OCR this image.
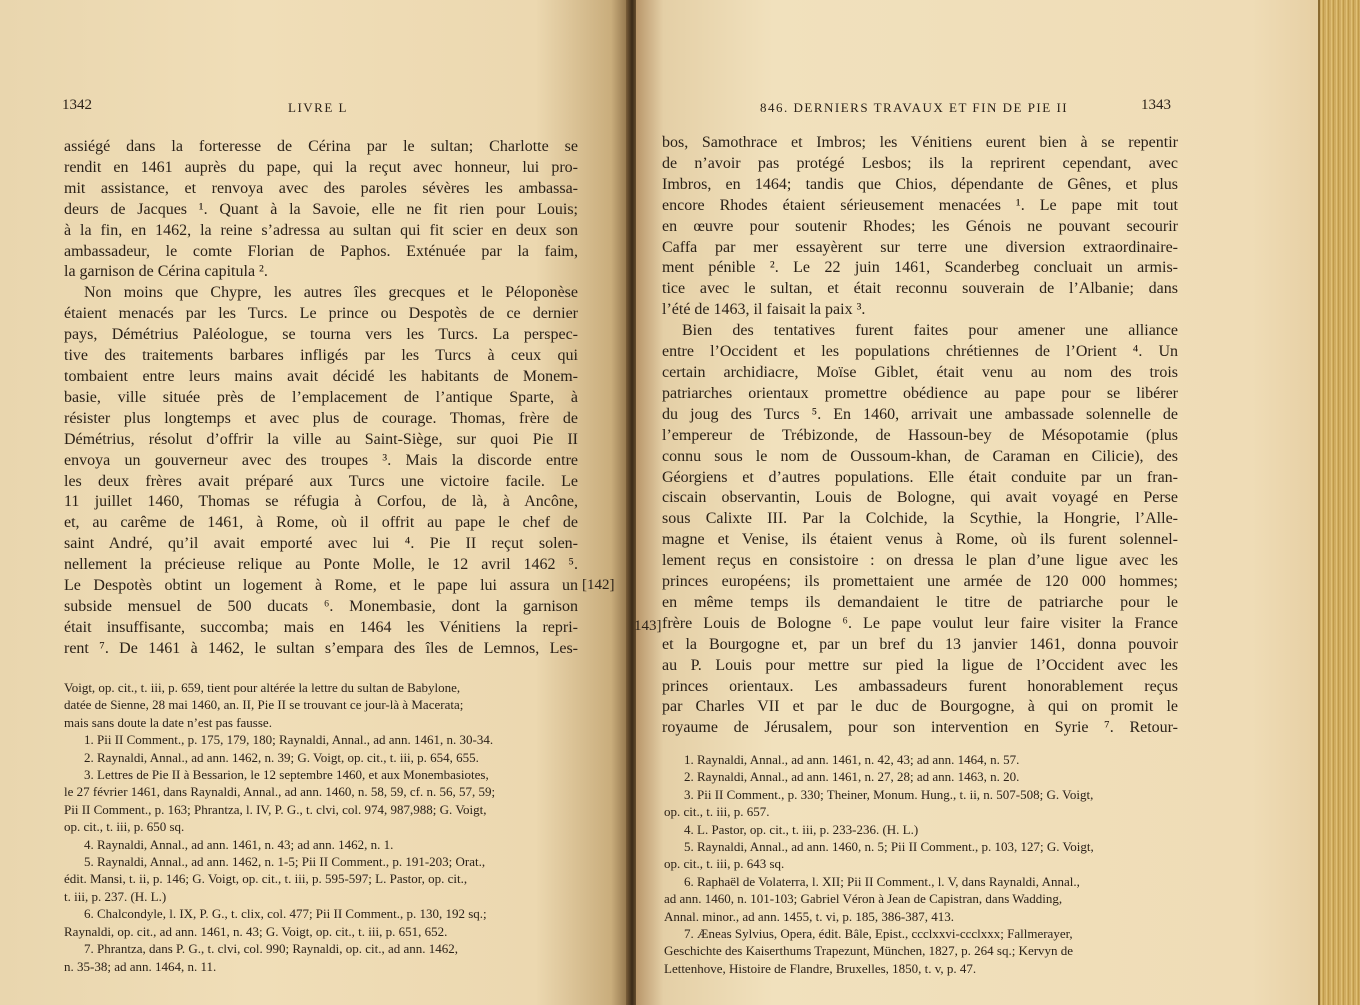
1342	LIVRE L

assiégé dans la forteresse de Cérina par le sultan; Charlotte se

rendit en 1461 auprès du pape, qui la reçut avec honneur, lui pro-

mit assistance, et renvoya avec des paroles sévères les ambassa-

deurs de Jacques ¹. Quant à la Savoie, elle ne fit rien pour Louis;

à la fin, en 1462, la reine s’adressa au sultan qui fit scier en deux son

ambassadeur, le comte Florian de Paphos. Exténuée par la faim,

la garnison de Cérina capitula ².

Non moins que Chypre, les autres îles grecques et le Péloponèse

étaient menacés par les Turcs. Le prince ou Despotès de ce dernier

pays, Démétrius Paléologue, se tourna vers les Turcs. La perspec-

tive des traitements barbares infligés par les Turcs à ceux qui

tombaient entre leurs mains avait décidé les habitants de Monem-

basie, ville située près de l’emplacement de l’antique Sparte, à

résister plus longtemps et avec plus de courage. Thomas, frère de

Démétrius, résolut d’offrir la ville au Saint-Siège, sur quoi Pie II

envoya un gouverneur avec des troupes ³. Mais la discorde entre

les deux frères avait préparé aux Turcs une victoire facile. Le

11 juillet 1460, Thomas se réfugia à Corfou, de là, à Ancône,

et, au carême de 1461, à Rome, où il offrit au pape le chef de

saint André, qu’il avait emporté avec lui ⁴. Pie II reçut solen-

nellement la précieuse relique au Ponte Molle, le 12 avril 1462 ⁵.

Le Despotès obtint un logement à Rome, et le pape lui assura un

subside mensuel de 500 ducats ⁶. Monembasie, dont la garnison

était insuffisante, succomba; mais en 1464 les Vénitiens la repri-

rent ⁷. De 1461 à 1462, le sultan s’empara des îles de Lemnos, Les-

Voigt, op. cit., t. iii, p. 659, tient pour altérée la lettre du sultan de Babylone,

datée de Sienne, 28 mai 1460, an. II, Pie II se trouvant ce jour-là à Macerata;

mais sans doute la date n’est pas fausse.

1. Pii II Comment., p. 175, 179, 180; Raynaldi, Annal., ad ann. 1461, n. 30-34.

2. Raynaldi, Annal., ad ann. 1462, n. 39; G. Voigt, op. cit., t. iii, p. 654, 655.

3. Lettres de Pie II à Bessarion, le 12 septembre 1460, et aux Monembasiotes,

le 27 février 1461, dans Raynaldi, Annal., ad ann. 1460, n. 58, 59, cf. n. 56, 57, 59;

Pii II Comment., p. 163; Phrantza, l. IV, P. G., t. clvi, col. 974, 987,988; G. Voigt,

op. cit., t. iii, p. 650 sq.

4. Raynaldi, Annal., ad ann. 1461, n. 43; ad ann. 1462, n. 1.

5. Raynaldi, Annal., ad ann. 1462, n. 1-5; Pii II Comment., p. 191-203; Orat.,

édit. Mansi, t. ii, p. 146; G. Voigt, op. cit., t. iii, p. 595-597; L. Pastor, op. cit.,

t. iii, p. 237. (H. L.)

6. Chalcondyle, l. IX, P. G., t. clix, col. 477; Pii II Comment., p. 130, 192 sq.;

Raynaldi, op. cit., ad ann. 1461, n. 43; G. Voigt, op. cit., t. iii, p. 651, 652.

7. Phrantza, dans P. G., t. clvi, col. 990; Raynaldi, op. cit., ad ann. 1462,

n. 35-38; ad ann. 1464, n. 11.

[142]
846. DERNIERS TRAVAUX ET FIN DE PIE II	1343

bos, Samothrace et Imbros; les Vénitiens eurent bien à se repentir

de n’avoir pas protégé Lesbos; ils la reprirent cependant, avec

Imbros, en 1464; tandis que Chios, dépendante de Gênes, et plus

encore Rhodes étaient sérieusement menacées ¹. Le pape mit tout

en œuvre pour soutenir Rhodes; les Génois ne pouvant secourir

Caffa par mer essayèrent sur terre une diversion extraordinaire-

ment pénible ². Le 22 juin 1461, Scanderbeg concluait un armis-

tice avec le sultan, et était reconnu souverain de l’Albanie; dans

l’été de 1463, il faisait la paix ³.

Bien des tentatives furent faites pour amener une alliance

entre l’Occident et les populations chrétiennes de l’Orient ⁴. Un

certain archidiacre, Moïse Giblet, était venu au nom des trois

patriarches orientaux promettre obédience au pape pour se libérer

du joug des Turcs ⁵. En 1460, arrivait une ambassade solennelle de

l’empereur de Trébizonde, de Hassoun-bey de Mésopotamie (plus

connu sous le nom de Oussoum-khan, de Caraman en Cilicie), des

Géorgiens et d’autres populations. Elle était conduite par un fran-

ciscain observantin, Louis de Bologne, qui avait voyagé en Perse

sous Calixte III. Par la Colchide, la Scythie, la Hongrie, l’Alle-

magne et Venise, ils étaient venus à Rome, où ils furent solennel-

lement reçus en consistoire : on dressa le plan d’une ligue avec les

princes européens; ils promettaient une armée de 120 000 hommes;

en même temps ils demandaient le titre de patriarche pour le

frère Louis de Bologne ⁶. Le pape voulut leur faire visiter la France

et la Bourgogne et, par un bref du 13 janvier 1461, donna pouvoir

au P. Louis pour mettre sur pied la ligue de l’Occident avec les

princes orientaux. Les ambassadeurs furent honorablement reçus

par Charles VII et par le duc de Bourgogne, à qui on promit le

royaume de Jérusalem, pour son intervention en Syrie ⁷. Retour-

1. Raynaldi, Annal., ad ann. 1461, n. 42, 43; ad ann. 1464, n. 57.

2. Raynaldi, Annal., ad ann. 1461, n. 27, 28; ad ann. 1463, n. 20.

3. Pii II Comment., p. 330; Theiner, Monum. Hung., t. ii, n. 507-508; G. Voigt,

op. cit., t. iii, p. 657.

4. L. Pastor, op. cit., t. iii, p. 233-236. (H. L.)

5. Raynaldi, Annal., ad ann. 1460, n. 5; Pii II Comment., p. 103, 127; G. Voigt,

op. cit., t. iii, p. 643 sq.

6. Raphaël de Volaterra, l. XII; Pii II Comment., l. V, dans Raynaldi, Annal.,

ad ann. 1460, n. 101-103; Gabriel Véron à Jean de Capistran, dans Wadding,

Annal. minor., ad ann. 1455, t. vi, p. 185, 386-387, 413.

7. Æneas Sylvius, Opera, édit. Bâle, Epist., ccclxxvi-ccclxxx; Fallmerayer,

Geschichte des Kaiserthums Trapezunt, München, 1827, p. 264 sq.; Kervyn de

Lettenhove, Histoire de Flandre, Bruxelles, 1850, t. v, p. 47.

143]
